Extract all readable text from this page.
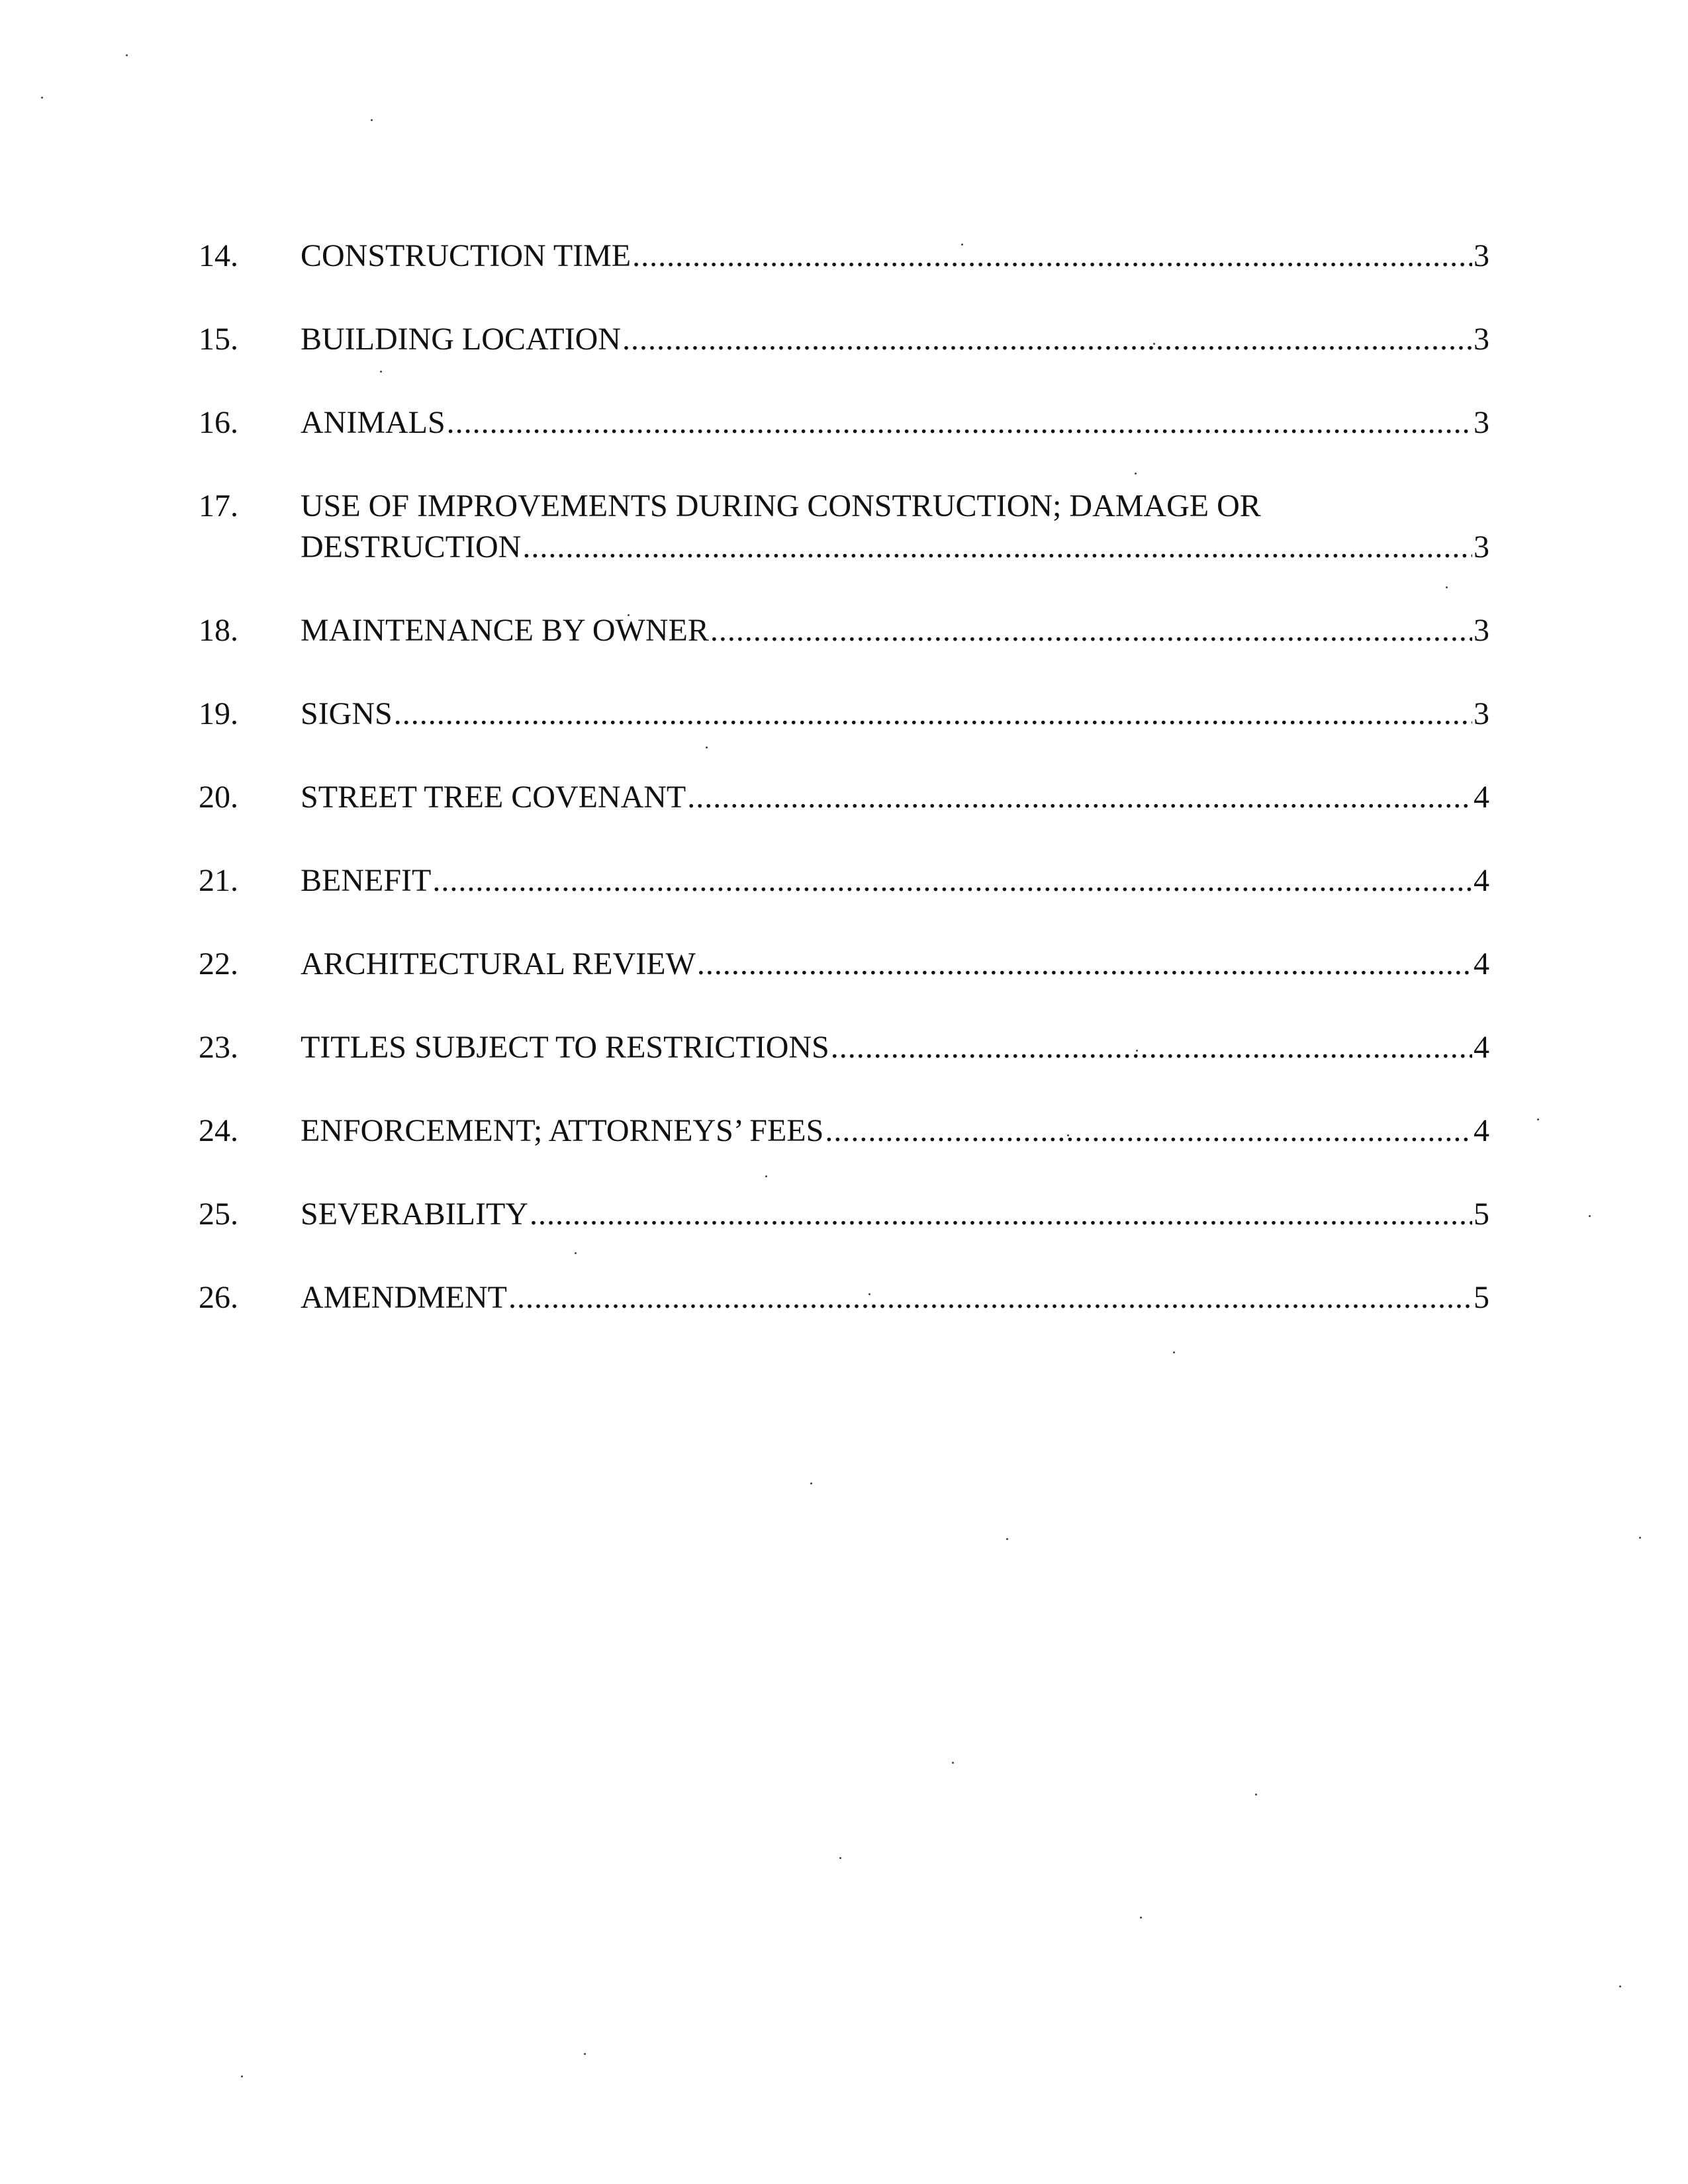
14.	CONSTRUCTION TIME .....	3
15.	BUILDING LOCATION .....	3
16.	ANIMALS .....	3
17.	USE OF IMPROVEMENTS DURING CONSTRUCTION; DAMAGE OR
DESTRUCTION .....	3
18.	MAINTENANCE BY OWNER .....	3
19.	SIGNS .....	3
20.	STREET TREE COVENANT .....	4
21.	BENEFIT .....	4
22.	ARCHITECTURAL REVIEW .....	4
23.	TITLES SUBJECT TO RESTRICTIONS .....	4
24.	ENFORCEMENT; ATTORNEYS’ FEES .....	4
25.	SEVERABILITY .....	5
26.	AMENDMENT .....	5
